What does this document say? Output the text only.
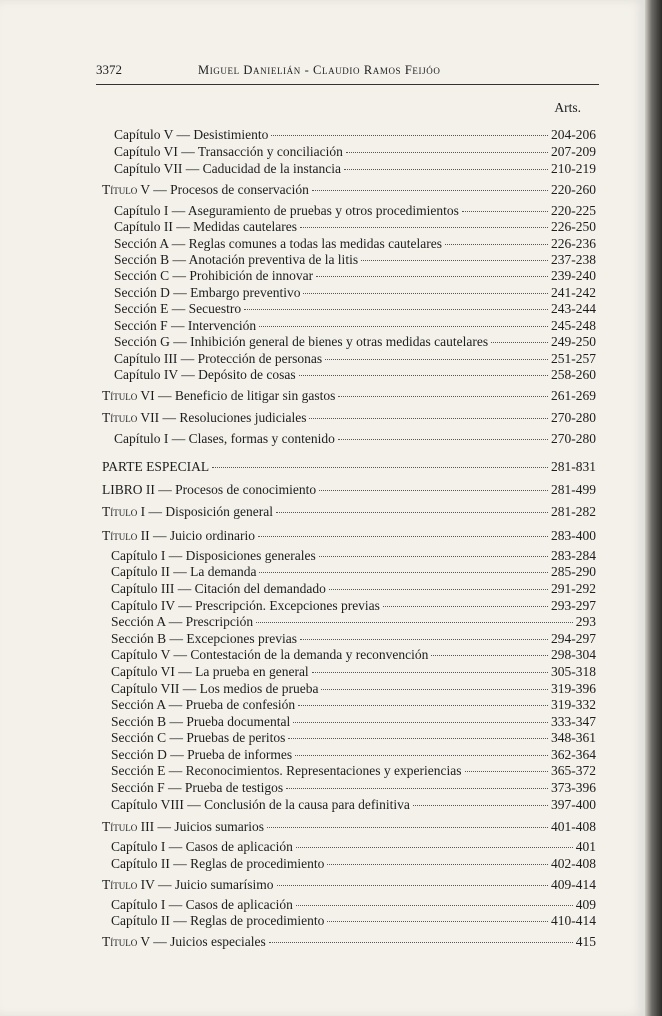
3372	Miguel Danielián - Claudio Ramos Feijóo
Arts.
Capítulo V — Desistimiento	204-206
Capítulo VI — Transacción y conciliación	207-209
Capítulo VII — Caducidad de la instancia	210-219
Título V — Procesos de conservación	220-260
Capítulo I — Aseguramiento de pruebas y otros procedimientos	220-225
Capítulo II — Medidas cautelares	226-250
Sección A — Reglas comunes a todas las medidas cautelares	226-236
Sección B — Anotación preventiva de la litis	237-238
Sección C — Prohibición de innovar	239-240
Sección D — Embargo preventivo	241-242
Sección E — Secuestro	243-244
Sección F — Intervención	245-248
Sección G — Inhibición general de bienes y otras medidas cautelares	249-250
Capítulo III — Protección de personas	251-257
Capítulo IV — Depósito de cosas	258-260
Título VI — Beneficio de litigar sin gastos	261-269
Título VII — Resoluciones judiciales	270-280
Capítulo I — Clases, formas y contenido	270-280
PARTE ESPECIAL	281-831
LIBRO II — Procesos de conocimiento	281-499
Título I — Disposición general	281-282
Título II — Juicio ordinario	283-400
Capítulo I — Disposiciones generales	283-284
Capítulo II — La demanda	285-290
Capítulo III — Citación del demandado	291-292
Capítulo IV — Prescripción. Excepciones previas	293-297
Sección A — Prescripción	293
Sección B — Excepciones previas	294-297
Capítulo V — Contestación de la demanda y reconvención	298-304
Capítulo VI — La prueba en general	305-318
Capítulo VII — Los medios de prueba	319-396
Sección A — Prueba de confesión	319-332
Sección B — Prueba documental	333-347
Sección C — Pruebas de peritos	348-361
Sección D — Prueba de informes	362-364
Sección E — Reconocimientos. Representaciones y experiencias	365-372
Sección F — Prueba de testigos	373-396
Capítulo VIII — Conclusión de la causa para definitiva	397-400
Título III — Juicios sumarios	401-408
Capítulo I — Casos de aplicación	401
Capítulo II — Reglas de procedimiento	402-408
Título IV — Juicio sumarísimo	409-414
Capítulo I — Casos de aplicación	409
Capítulo II — Reglas de procedimiento	410-414
Título V — Juicios especiales	415
